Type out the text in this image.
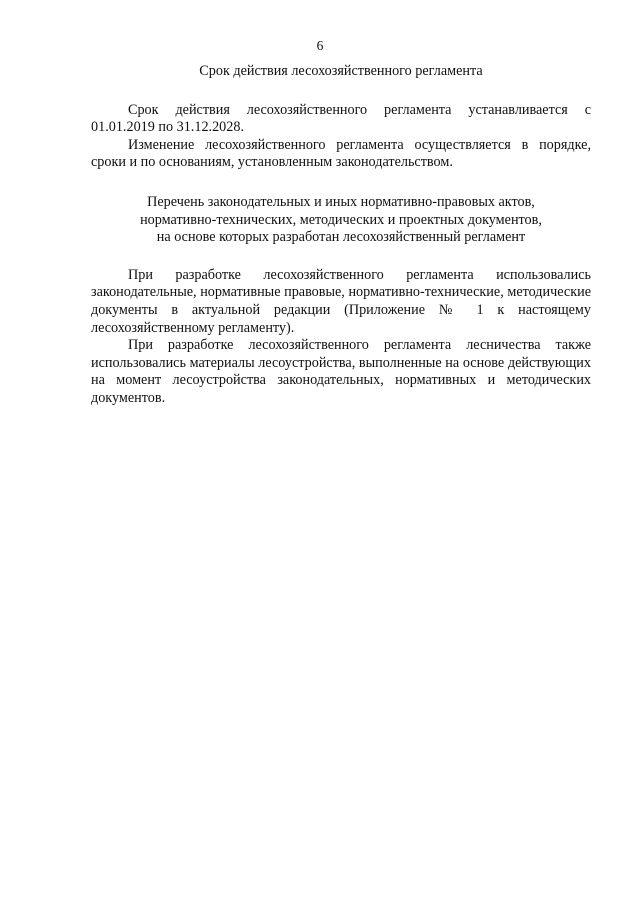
6

Срок действия лесохозяйственного регламента

Срок действия лесохозяйственного регламента устанавливается с 01.01.2019 по 31.12.2028.

Изменение лесохозяйственного регламента осуществляется в порядке, сроки и по основаниям, установленным законодательством.

Перечень законодательных и иных нормативно-правовых актов,
нормативно-технических, методических и проектных документов,
на основе которых разработан лесохозяйственный регламент

При разработке лесохозяйственного регламента использовались законодательные, нормативные правовые, нормативно-технические, методические документы в актуальной редакции (Приложение № 1 к настоящему лесохозяйственному регламенту).

При разработке лесохозяйственного регламента лесничества также использовались материалы лесоустройства, выполненные на основе действующих на момент лесоустройства законодательных, нормативных и методических документов.
